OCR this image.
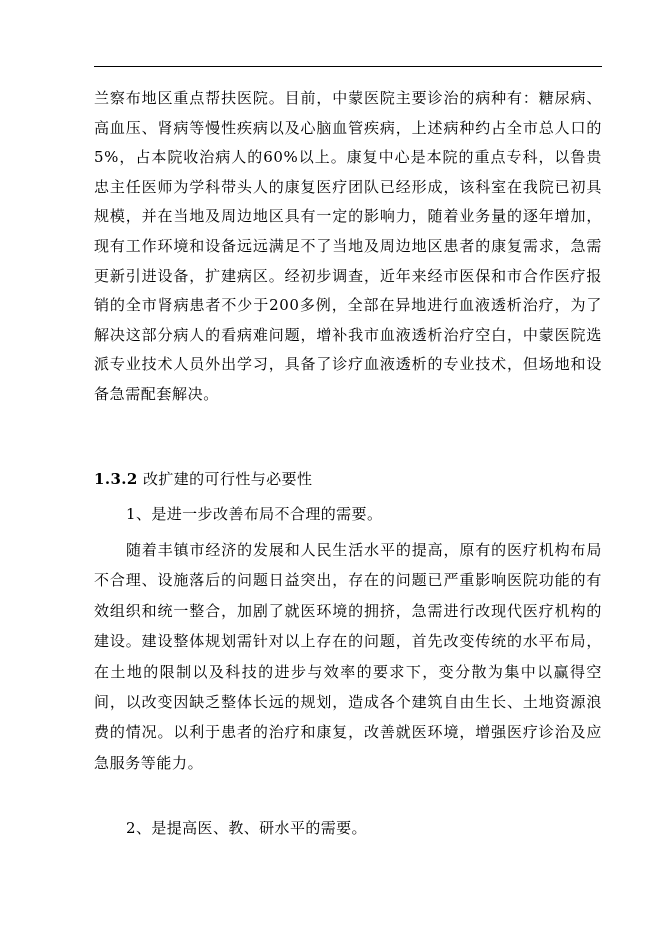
兰察布地区重点帮扶医院。目前，中蒙医院主要诊治的病种有：糖尿病、高血压、肾病等慢性疾病以及心脑血管疾病，上述病种约占全市总人口的5%，占本院收治病人的60%以上。康复中心是本院的重点专科，以鲁贵忠主任医师为学科带头人的康复医疗团队已经形成，该科室在我院已初具规模，并在当地及周边地区具有一定的影响力，随着业务量的逐年增加，现有工作环境和设备远远满足不了当地及周边地区患者的康复需求，急需更新引进设备，扩建病区。经初步调查，近年来经市医保和市合作医疗报销的全市肾病患者不少于200多例，全部在异地进行血液透析治疗，为了解决这部分病人的看病难问题，增补我市血液透析治疗空白，中蒙医院选派专业技术人员外出学习，具备了诊疗血液透析的专业技术，但场地和设备急需配套解决。

1.3.2 改扩建的可行性与必要性

1、是进一步改善布局不合理的需要。

随着丰镇市经济的发展和人民生活水平的提高，原有的医疗机构布局不合理、设施落后的问题日益突出，存在的问题已严重影响医院功能的有效组织和统一整合，加剧了就医环境的拥挤，急需进行改现代医疗机构的建设。建设整体规划需针对以上存在的问题，首先改变传统的水平布局，在土地的限制以及科技的进步与效率的要求下，变分散为集中以赢得空间，以改变因缺乏整体长远的规划，造成各个建筑自由生长、土地资源浪费的情况。以利于患者的治疗和康复，改善就医环境，增强医疗诊治及应急服务等能力。

2、是提高医、教、研水平的需要。
